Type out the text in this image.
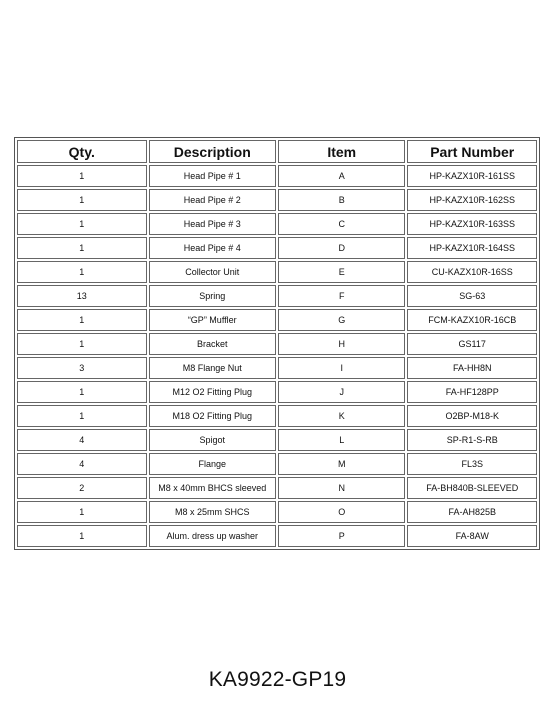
Qty.	Description	Item	Part Number
1	Head Pipe # 1	A	HP-KAZX10R-161SS
1	Head Pipe # 2	B	HP-KAZX10R-162SS
1	Head Pipe # 3	C	HP-KAZX10R-163SS
1	Head Pipe # 4	D	HP-KAZX10R-164SS
1	Collector Unit	E	CU-KAZX10R-16SS
13	Spring	F	SG-63
1	“GP” Muffler	G	FCM-KAZX10R-16CB
1	Bracket	H	GS117
3	M8 Flange Nut	I	FA-HH8N
1	M12 O2 Fitting Plug	J	FA-HF128PP
1	M18 O2 Fitting Plug	K	O2BP-M18-K
4	Spigot	L	SP-R1-S-RB
4	Flange	M	FL3S
2	M8 x 40mm BHCS sleeved	N	FA-BH840B-SLEEVED
1	M8 x 25mm SHCS	O	FA-AH825B
1	Alum. dress up washer	P	FA-8AW
KA9922-GP19
